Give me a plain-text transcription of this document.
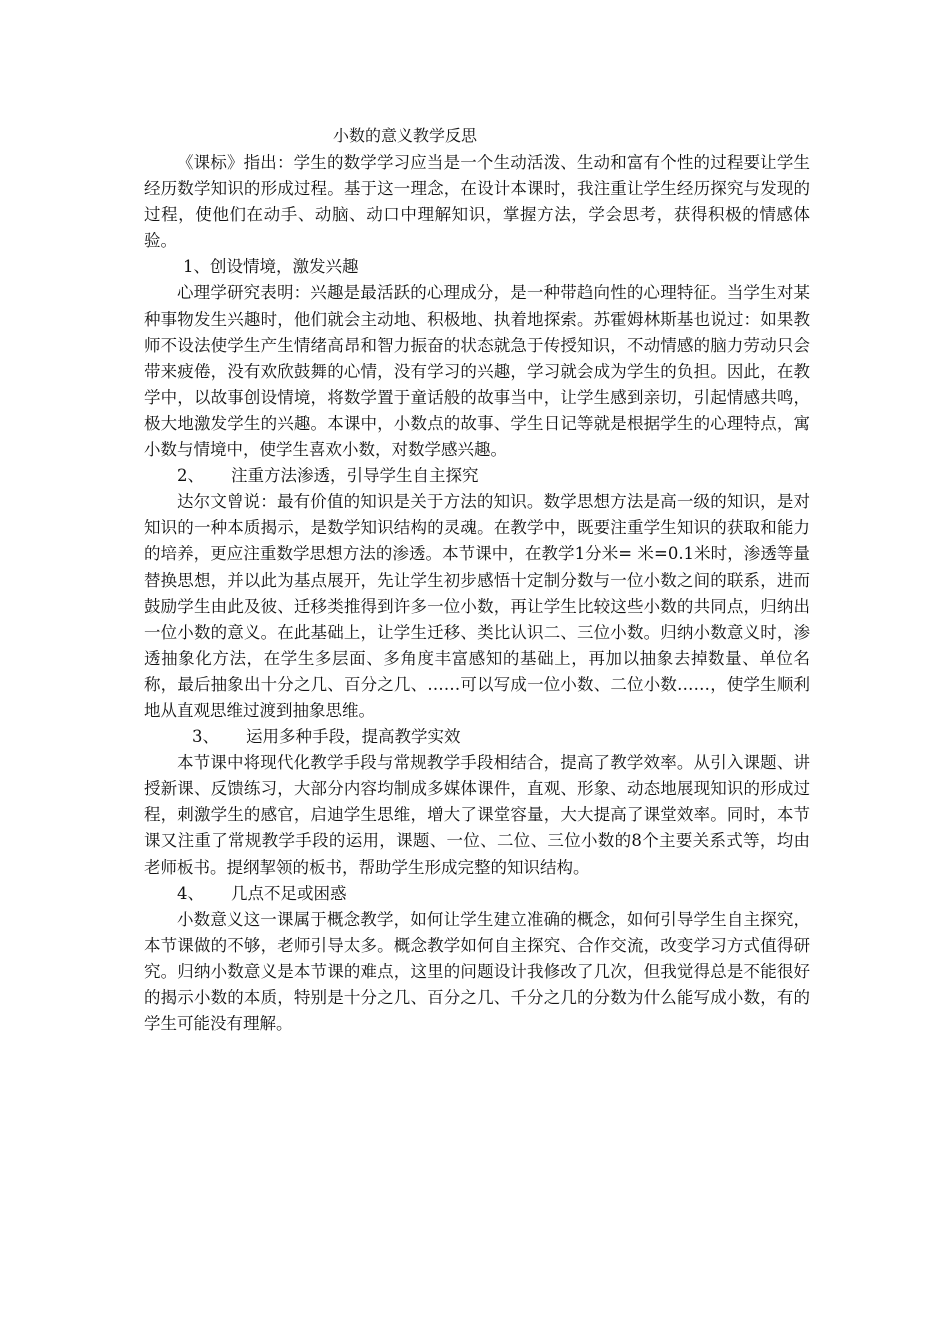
小数的意义教学反思

《课标》指出：学生的数学学习应当是一个生动活泼、生动和富有个性的过程要让学生经历数学知识的形成过程。基于这一理念，在设计本课时，我注重让学生经历探究与发现的过程，使他们在动手、动脑、动口中理解知识，掌握方法，学会思考，获得积极的情感体验。

1、创设情境，激发兴趣

心理学研究表明：兴趣是最活跃的心理成分，是一种带趋向性的心理特征。当学生对某种事物发生兴趣时，他们就会主动地、积极地、执着地探索。苏霍姆林斯基也说过：如果教师不设法使学生产生情绪高昂和智力振奋的状态就急于传授知识，不动情感的脑力劳动只会带来疲倦，没有欢欣鼓舞的心情，没有学习的兴趣，学习就会成为学生的负担。因此，在教学中，以故事创设情境，将数学置于童话般的故事当中，让学生感到亲切，引起情感共鸣，极大地激发学生的兴趣。本课中，小数点的故事、学生日记等就是根据学生的心理特点，寓小数与情境中，使学生喜欢小数，对数学感兴趣。

2、 注重方法渗透，引导学生自主探究

达尔文曾说：最有价值的知识是关于方法的知识。数学思想方法是高一级的知识，是对知识的一种本质揭示，是数学知识结构的灵魂。在教学中，既要注重学生知识的获取和能力的培养，更应注重数学思想方法的渗透。本节课中，在教学1分米= 米=0.1米时，渗透等量替换思想，并以此为基点展开，先让学生初步感悟十定制分数与一位小数之间的联系，进而鼓励学生由此及彼、迁移类推得到许多一位小数，再让学生比较这些小数的共同点，归纳出一位小数的意义。在此基础上，让学生迁移、类比认识二、三位小数。归纳小数意义时，渗透抽象化方法，在学生多层面、多角度丰富感知的基础上，再加以抽象去掉数量、单位名称，最后抽象出十分之几、百分之几、……可以写成一位小数、二位小数……，使学生顺利地从直观思维过渡到抽象思维。

3、 运用多种手段，提高教学实效

本节课中将现代化教学手段与常规教学手段相结合，提高了教学效率。从引入课题、讲授新课、反馈练习，大部分内容均制成多媒体课件，直观、形象、动态地展现知识的形成过程，刺激学生的感官，启迪学生思维，增大了课堂容量，大大提高了课堂效率。同时，本节课又注重了常规教学手段的运用，课题、一位、二位、三位小数的8个主要关系式等，均由老师板书。提纲挈领的板书，帮助学生形成完整的知识结构。

4、 几点不足或困惑

小数意义这一课属于概念教学，如何让学生建立准确的概念，如何引导学生自主探究，本节课做的不够，老师引导太多。概念教学如何自主探究、合作交流，改变学习方式值得研究。归纳小数意义是本节课的难点，这里的问题设计我修改了几次，但我觉得总是不能很好的揭示小数的本质，特别是十分之几、百分之几、千分之几的分数为什么能写成小数，有的学生可能没有理解。
